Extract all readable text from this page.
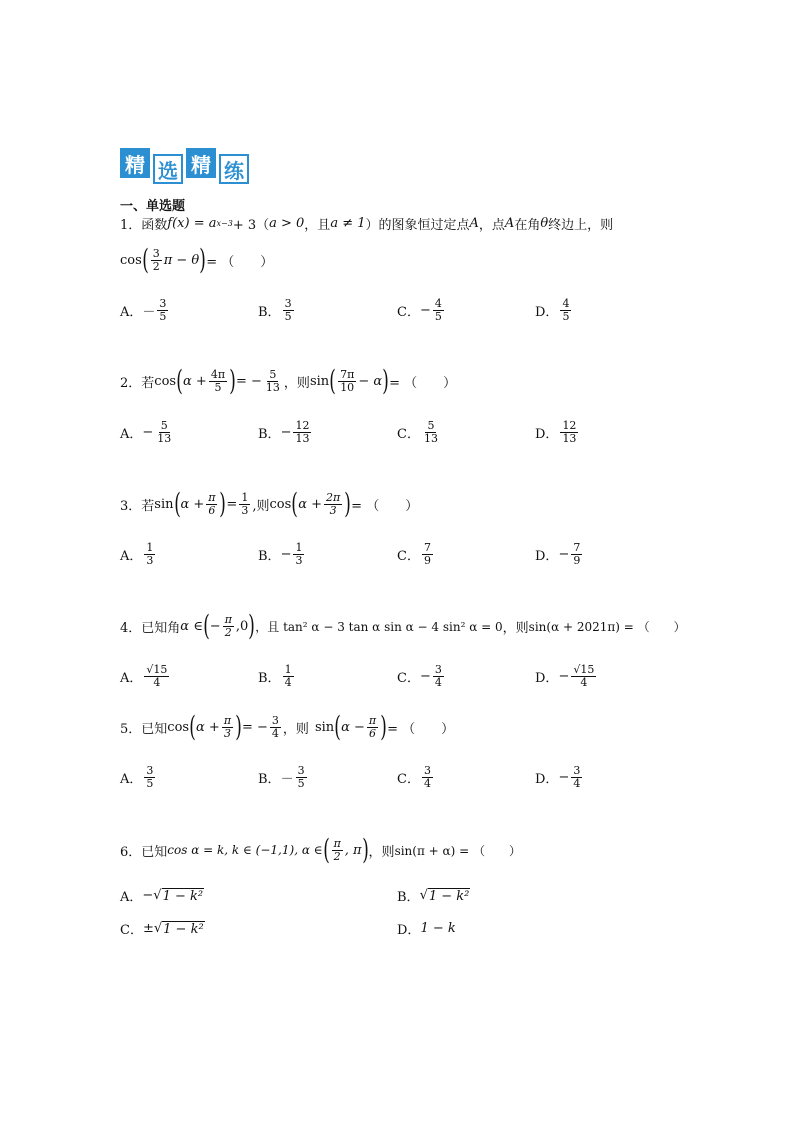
精 选 精 练
一、单选题
1． 函数 f(x) = a x−3 + 3（ a > 0 ，且 a ≠ 1 ）的图象恒过定点 A ，点 A 在角 θ 终边上，则
cos ( $\frac{3}{2}$ π − θ ) = （　　）
A． － $\frac{3}{5}$	B． $\frac{3}{5}$	C． − $\frac{4}{5}$	D． $\frac{4}{5}$
2． 若 cos ( $\alpha + \frac{4\pi}{5}$ ) = − $\frac{5}{13}$ ，则 sin ( $\frac{7\pi}{10} - \alpha$ ) = （　　）
A． − $\frac{5}{13}$	B． − $\frac{12}{13}$	C． $\frac{5}{13}$	D． $\frac{12}{13}$
3． 若 sin ( $\alpha + \frac{\pi}{6}$ ) = $\frac{1}{3}$ ,则 cos ( $\alpha + \frac{2\pi}{3}$ ) = （　　）
A． $\frac{1}{3}$	B． − $\frac{1}{3}$	C． $\frac{7}{9}$	D． − $\frac{7}{9}$
4． 已知角 α ∈ ( − $\frac{\pi}{2} ,0$ ) ，且 tan² α − 3 tan α sin α − 4 sin² α = 0 ，则 sin(α + 2021π) = （　　）
A． $\frac{√15}{4}$	B． $\frac{1}{4}$	C． − $\frac{3}{4}$	D． − $\frac{√15}{4}$
5． 已知 cos ( $\alpha + \frac{\pi}{3}$ ) = − $\frac{3}{4}$ ，则 sin ( $\alpha - \frac{\pi}{6}$ ) = （　　）
A． $\frac{3}{5}$	B． － $\frac{3}{5}$	C． $\frac{3}{4}$	D． − $\frac{3}{4}$
6． 已知 cos α = k, k ∈ (−1,1), α ∈ ( $\frac{\pi}{2}$ , π ) ，则 sin(π + α) = （　　）
A． − √ 1 − k²	B． √ 1 − k²
C． ± √ 1 − k²	D． 1 − k
